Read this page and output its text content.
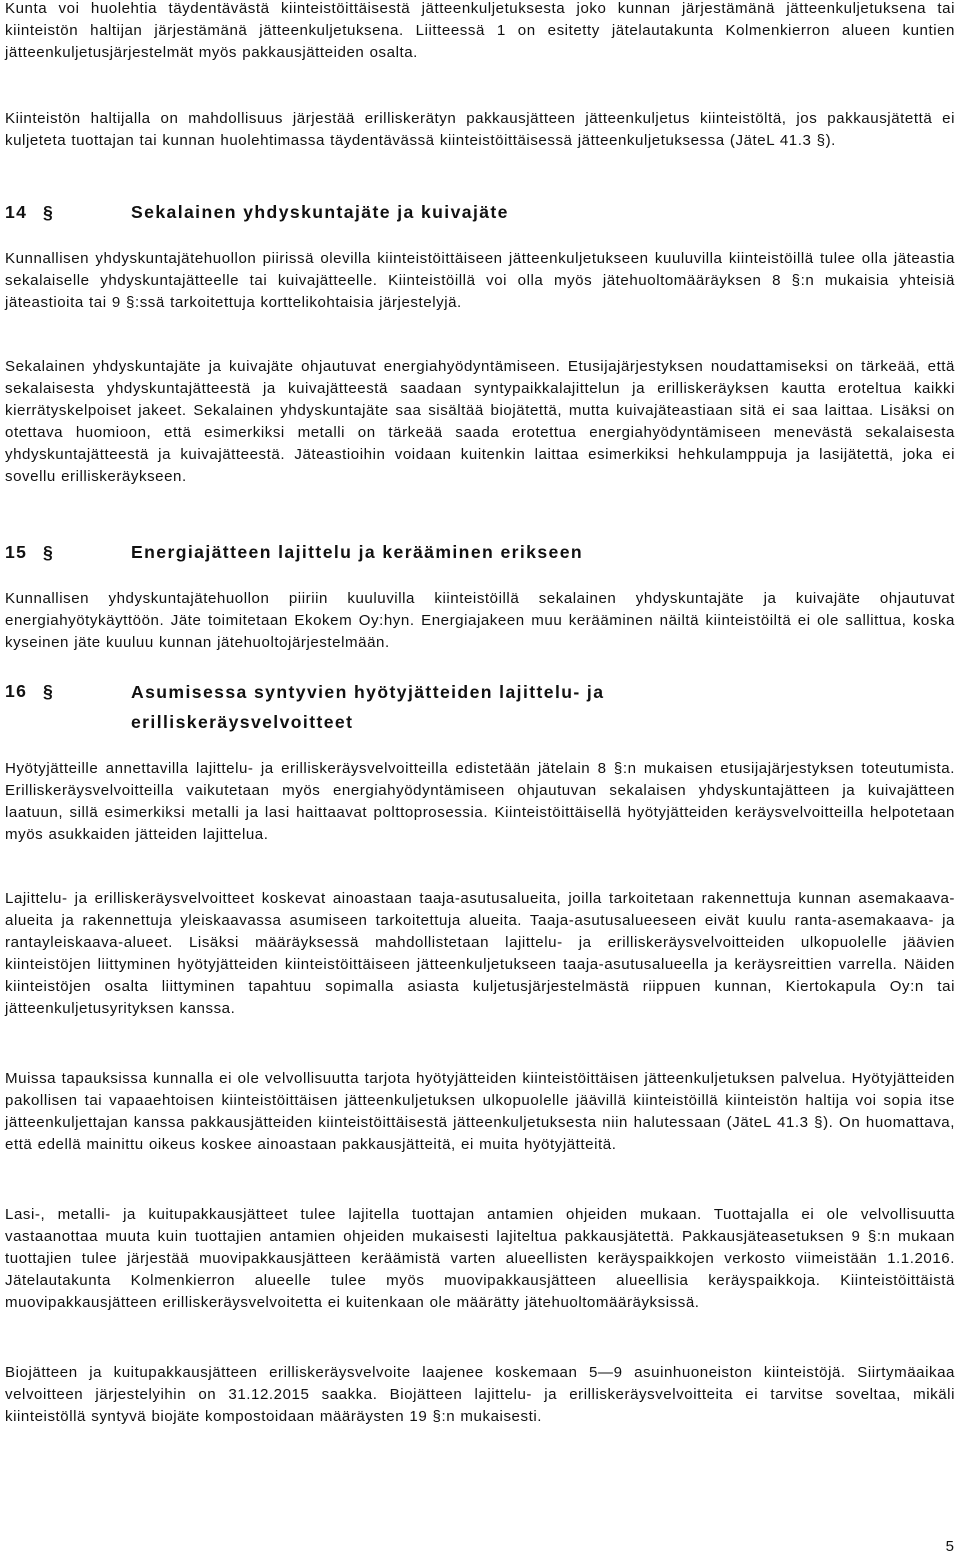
Kunta voi huolehtia täydentävästä kiinteistöittäisestä jätteenkuljetuksesta joko kunnan järjestämänä jätteenkuljetuksena tai kiinteistön haltijan järjestämänä jätteenkuljetuksena. Liitteessä 1 on esitetty jätelautakunta Kolmenkierron alueen kuntien jätteenkuljetusjärjestelmät myös pakkausjätteiden osalta.

Kiinteistön haltijalla on mahdollisuus järjestää erilliskerätyn pakkausjätteen jätteenkuljetus kiinteistöltä, jos pakkausjätettä ei kuljeteta tuottajan tai kunnan huolehtimassa täydentävässä kiinteistöittäisessä jätteenkuljetuksessa (JäteL 41.3 §).

14 §	Sekalainen yhdyskuntajäte ja kuivajäte

Kunnallisen yhdyskuntajätehuollon piirissä olevilla kiinteistöittäiseen jätteenkuljetukseen kuuluvilla kiinteistöillä tulee olla jäteastia sekalaiselle yhdyskuntajätteelle tai kuivajätteelle. Kiinteistöillä voi olla myös jätehuoltomääräyksen 8 §:n mukaisia yhteisiä jäteastioita tai 9 §:ssä tarkoitettuja korttelikohtaisia järjestelyjä.

Sekalainen yhdyskuntajäte ja kuivajäte ohjautuvat energiahyödyntämiseen. Etusijajärjestyksen noudattamiseksi on tärkeää, että sekalaisesta yhdyskuntajätteestä ja kuivajätteestä saadaan syntypaikkalajittelun ja erilliskeräyksen kautta eroteltua kaikki kierrätyskelpoiset jakeet. Sekalainen yhdyskuntajäte saa sisältää biojätettä, mutta kuivajäteastiaan sitä ei saa laittaa. Lisäksi on otettava huomioon, että esimerkiksi metalli on tärkeää saada erotettua energiahyödyntämiseen menevästä sekalaisesta yhdyskuntajätteestä ja kuivajätteestä. Jäteastioihin voidaan kuitenkin laittaa esimerkiksi hehkulamppuja ja lasijätettä, joka ei sovellu erilliskeräykseen.

15 §	Energiajätteen lajittelu ja kerääminen erikseen

Kunnallisen yhdyskuntajätehuollon piiriin kuuluvilla kiinteistöillä sekalainen yhdyskuntajäte ja kuivajäte ohjautuvat energiahyötykäyttöön. Jäte toimitetaan Ekokem Oy:hyn. Energiajakeen muu kerääminen näiltä kiinteistöiltä ei ole sallittua, koska kyseinen jäte kuuluu kunnan jätehuoltojärjestelmään.

16 §	Asumisessa syntyvien hyötyjätteiden lajittelu- ja erilliskeräysvelvoitteet

Hyötyjätteille annettavilla lajittelu- ja erilliskeräysvelvoitteilla edistetään jätelain 8 §:n mukaisen etusijajärjestyksen toteutumista. Erilliskeräysvelvoitteilla vaikutetaan myös energiahyödyntämiseen ohjautuvan sekalaisen yhdyskuntajätteen ja kuivajätteen laatuun, sillä esimerkiksi metalli ja lasi haittaavat polttoprosessia. Kiinteistöittäisellä hyötyjätteiden keräysvelvoitteilla helpotetaan myös asukkaiden jätteiden lajittelua.

Lajittelu- ja erilliskeräysvelvoitteet koskevat ainoastaan taaja-asutusalueita, joilla tarkoitetaan rakennettuja kunnan asemakaava-alueita ja rakennettuja yleiskaavassa asumiseen tarkoitettuja alueita. Taaja-asutusalueeseen eivät kuulu ranta-asemakaava- ja rantayleiskaava-alueet. Lisäksi määräyksessä mahdollistetaan lajittelu- ja erilliskeräysvelvoitteiden ulkopuolelle jäävien kiinteistöjen liittyminen hyötyjätteiden kiinteistöittäiseen jätteenkuljetukseen taaja-asutusalueella ja keräysreittien varrella. Näiden kiinteistöjen osalta liittyminen tapahtuu sopimalla asiasta kuljetusjärjestelmästä riippuen kunnan, Kiertokapula Oy:n tai jätteenkuljetusyrityksen kanssa.

Muissa tapauksissa kunnalla ei ole velvollisuutta tarjota hyötyjätteiden kiinteistöittäisen jätteenkuljetuksen palvelua. Hyötyjätteiden pakollisen tai vapaaehtoisen kiinteistöittäisen jätteenkuljetuksen ulkopuolelle jäävillä kiinteistöillä kiinteistön haltija voi sopia itse jätteenkuljettajan kanssa pakkausjätteiden kiinteistöittäisestä jätteenkuljetuksesta niin halutessaan (JäteL 41.3 §). On huomattava, että edellä mainittu oikeus koskee ainoastaan pakkausjätteitä, ei muita hyötyjätteitä.

Lasi-, metalli- ja kuitupakkausjätteet tulee lajitella tuottajan antamien ohjeiden mukaan. Tuottajalla ei ole velvollisuutta vastaanottaa muuta kuin tuottajien antamien ohjeiden mukaisesti lajiteltua pakkausjätettä. Pakkausjäteasetuksen 9 §:n mukaan tuottajien tulee järjestää muovipakkausjätteen keräämistä varten alueellisten keräyspaikkojen verkosto viimeistään 1.1.2016. Jätelautakunta Kolmenkierron alueelle tulee myös muovipakkausjätteen alueellisia keräyspaikkoja. Kiinteistöittäistä muovipakkausjätteen erilliskeräysvelvoitetta ei kuitenkaan ole määrätty jätehuoltomääräyksissä.

Biojätteen ja kuitupakkausjätteen erilliskeräysvelvoite laajenee koskemaan 5—9 asuinhuoneiston kiinteistöjä. Siirtymäaikaa velvoitteen järjestelyihin on 31.12.2015 saakka. Biojätteen lajittelu- ja erilliskeräysvelvoitteita ei tarvitse soveltaa, mikäli kiinteistöllä syntyvä biojäte kompostoidaan määräysten 19 §:n mukaisesti.

5
